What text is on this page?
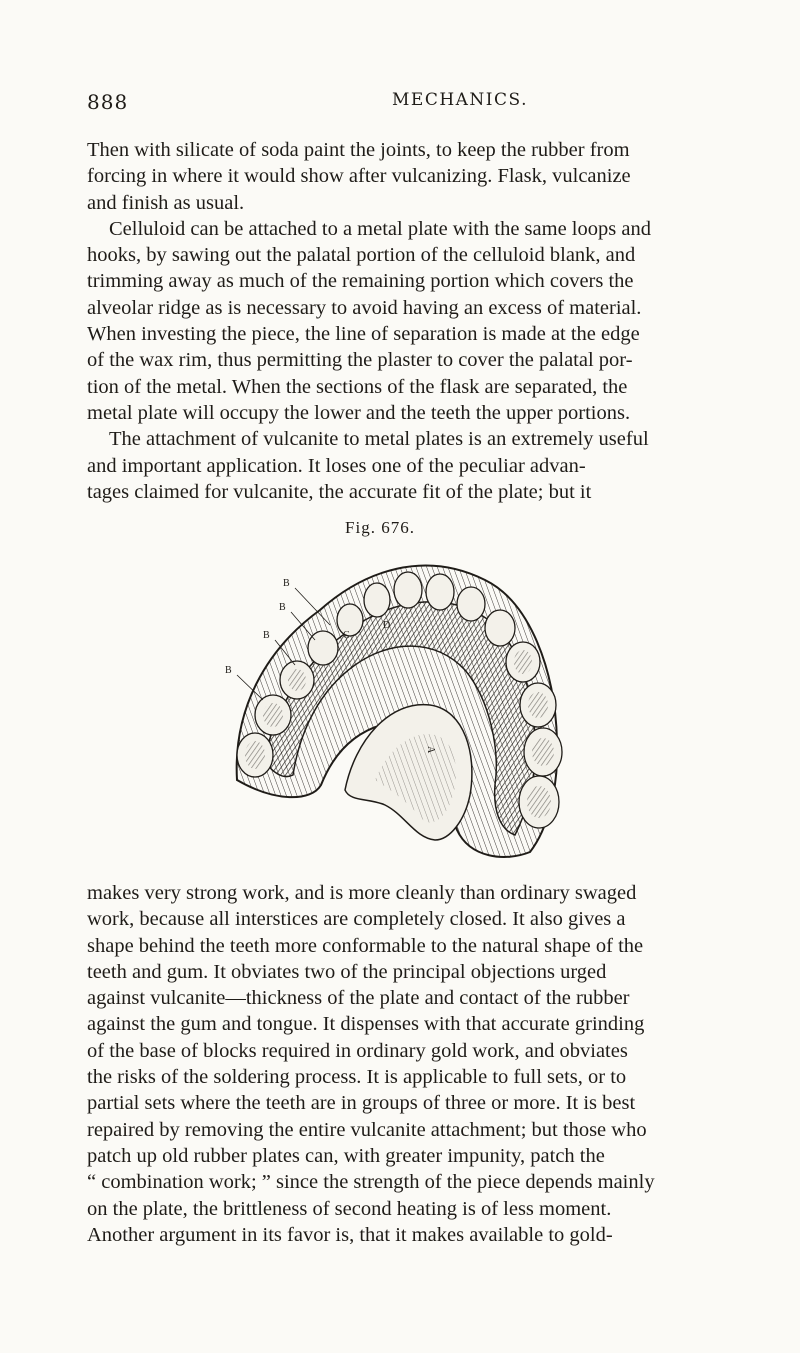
888	MECHANICS.

Then with silicate of soda paint the joints, to keep the rubber from
forcing in where it would show after vulcanizing. Flask, vulcanize
and finish as usual.

Celluloid can be attached to a metal plate with the same loops and
hooks, by sawing out the palatal portion of the celluloid blank, and
trimming away as much of the remaining portion which covers the
alveolar ridge as is necessary to avoid having an excess of material.
When investing the piece, the line of separation is made at the edge
of the wax rim, thus permitting the plaster to cover the palatal por-
tion of the metal. When the sections of the flask are separated, the
metal plate will occupy the lower and the teeth the upper portions.

The attachment of vulcanite to metal plates is an extremely useful
and important application. It loses one of the peculiar advan-
tages claimed for vulcanite, the accurate fit of the plate; but it

Fig. 676.
B
B
B
B
C
D
A

makes very strong work, and is more cleanly than ordinary swaged
work, because all interstices are completely closed. It also gives a
shape behind the teeth more conformable to the natural shape of the
teeth and gum. It obviates two of the principal objections urged
against vulcanite—thickness of the plate and contact of the rubber
against the gum and tongue. It dispenses with that accurate grinding
of the base of blocks required in ordinary gold work, and obviates
the risks of the soldering process. It is applicable to full sets, or to
partial sets where the teeth are in groups of three or more. It is best
repaired by removing the entire vulcanite attachment; but those who
patch up old rubber plates can, with greater impunity, patch the
“ combination work; ” since the strength of the piece depends mainly
on the plate, the brittleness of second heating is of less moment.
Another argument in its favor is, that it makes available to gold-
